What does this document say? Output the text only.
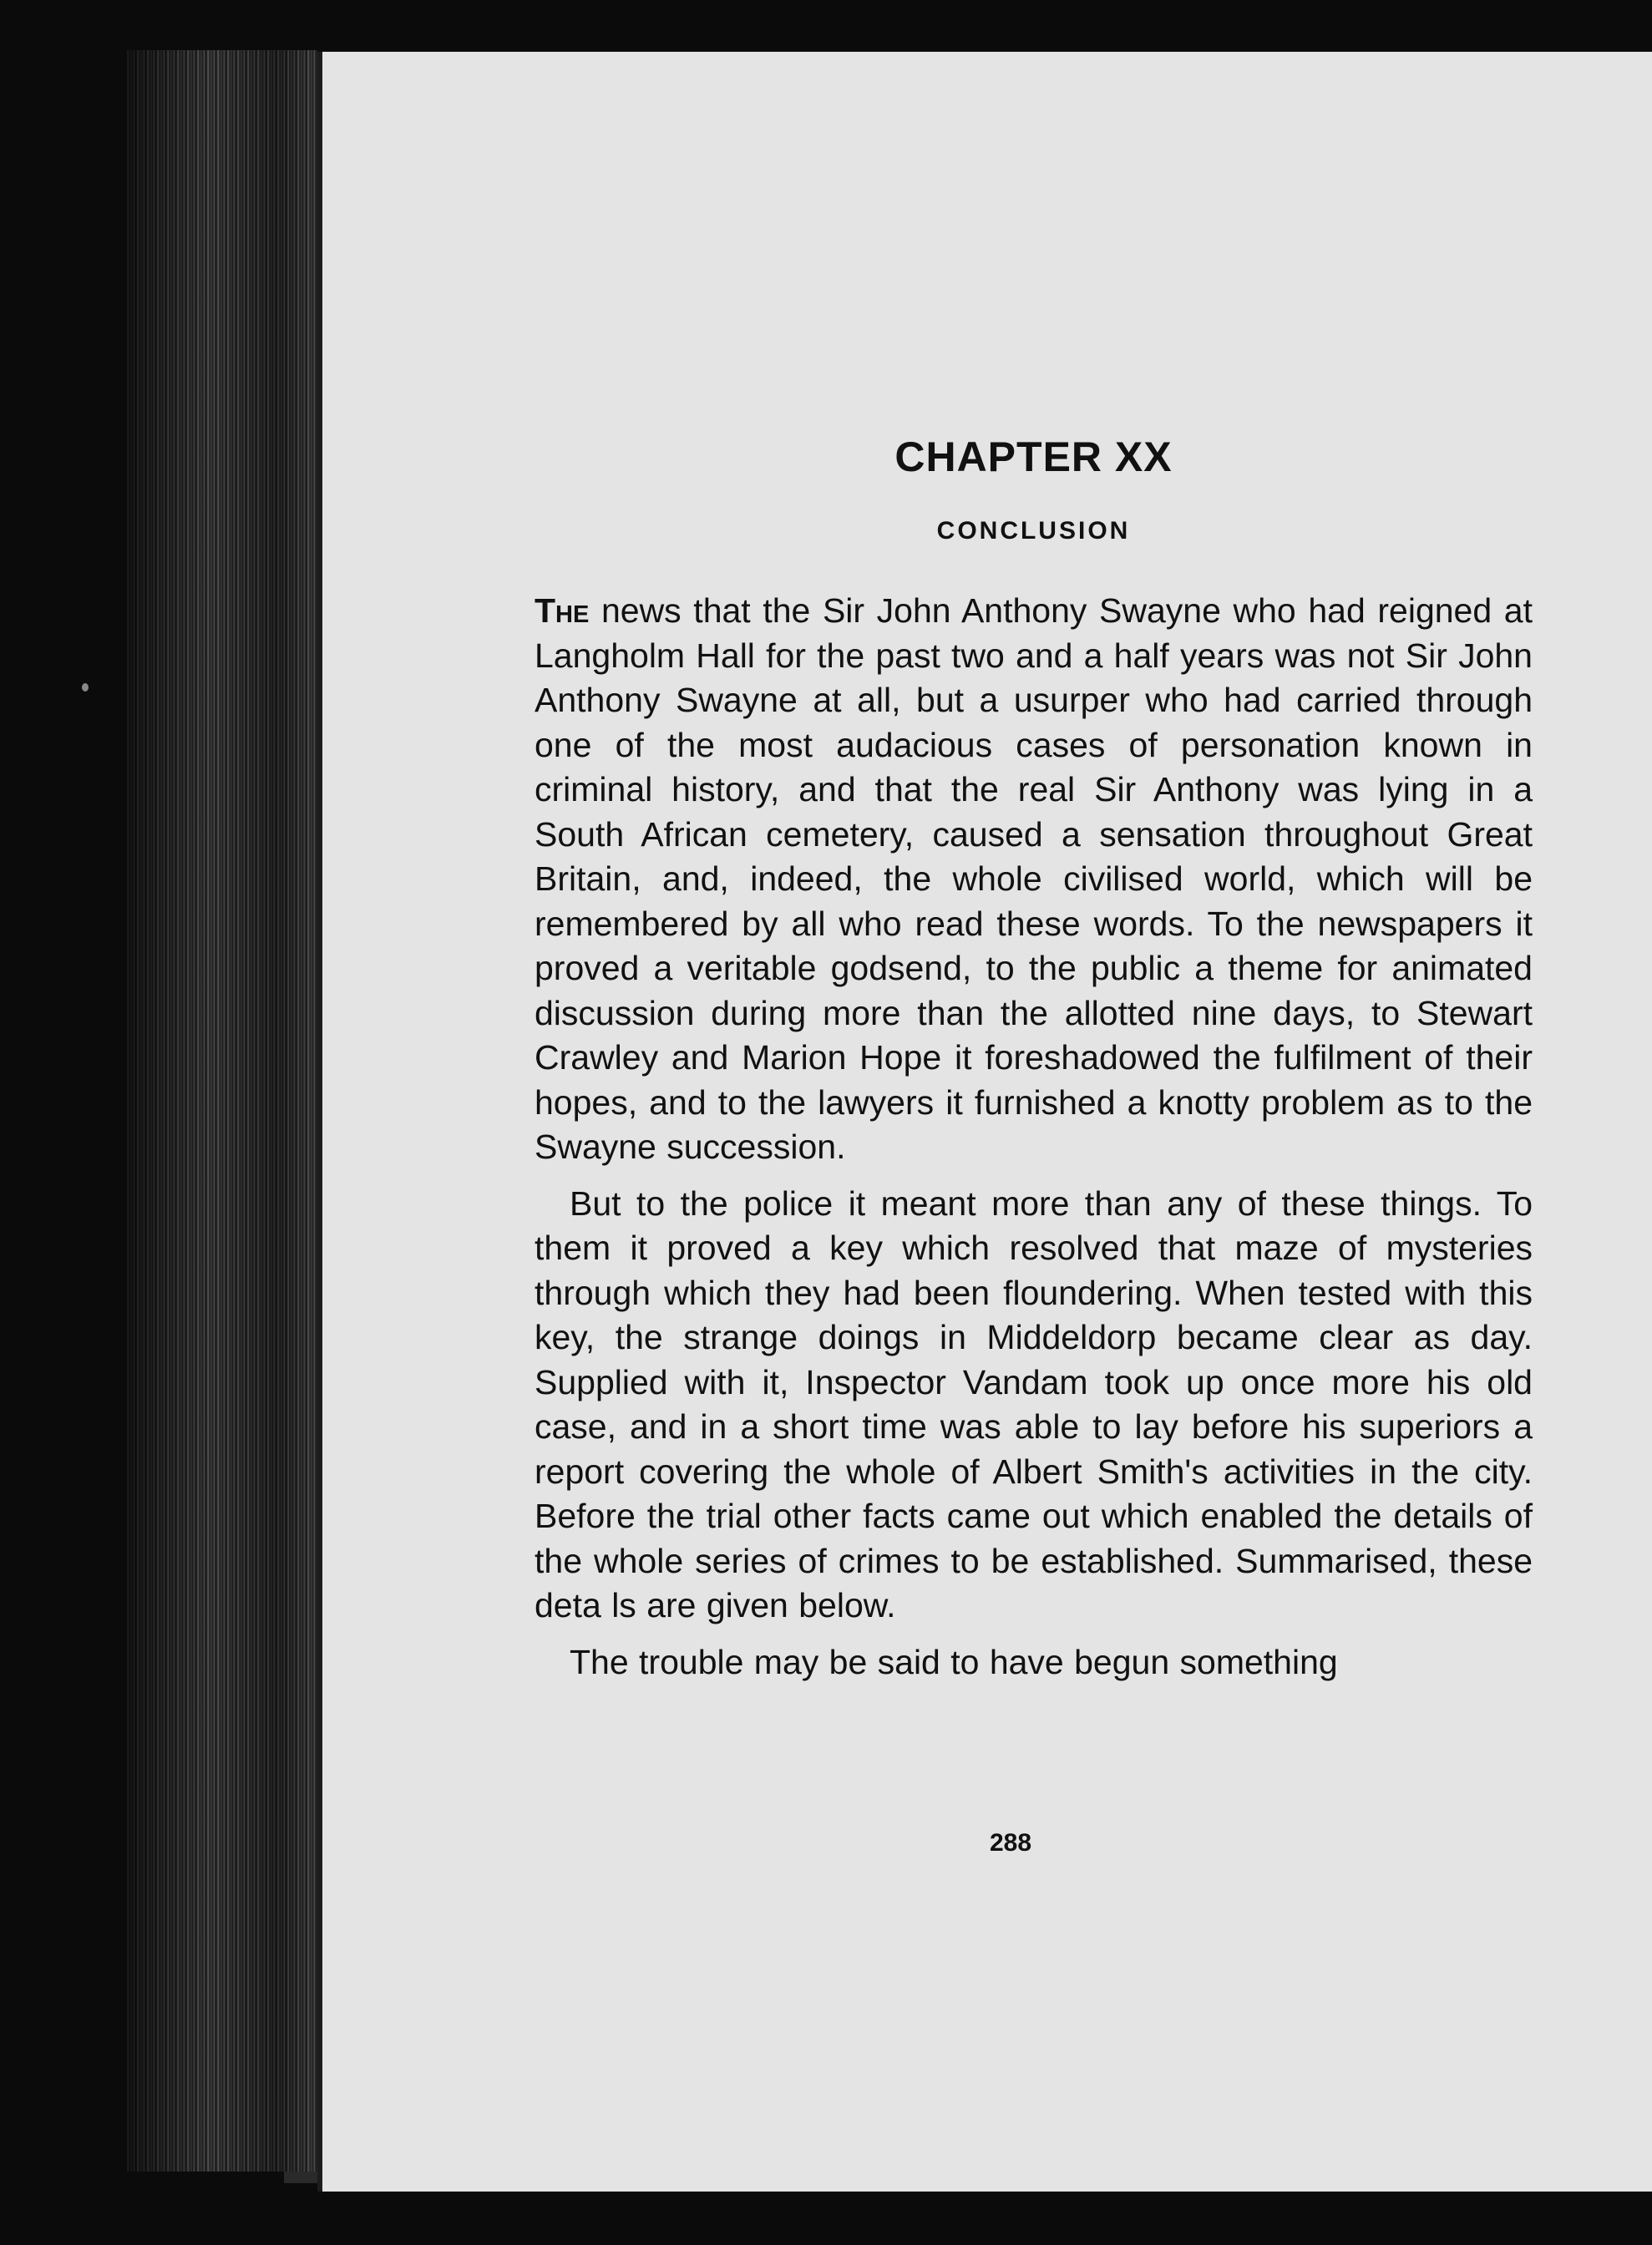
CHAPTER XX
CONCLUSION

The news that the Sir John Anthony Swayne who had reigned at Langholm Hall for the past two and a half years was not Sir John Anthony Swayne at all, but a usurper who had carried through one of the most audacious cases of personation known in criminal history, and that the real Sir Anthony was lying in a South African cemetery, caused a sensation throughout Great Britain, and, indeed, the whole civilised world, which will be remembered by all who read these words. To the newspapers it proved a veritable godsend, to the public a theme for animated discussion during more than the allotted nine days, to Stewart Crawley and Marion Hope it foreshadowed the fulfilment of their hopes, and to the lawyers it furnished a knotty problem as to the Swayne succession.

But to the police it meant more than any of these things. To them it proved a key which resolved that maze of mysteries through which they had been floundering. When tested with this key, the strange doings in Middeldorp became clear as day. Supplied with it, Inspector Vandam took up once more his old case, and in a short time was able to lay before his superiors a report covering the whole of Albert Smith's activities in the city. Before the trial other facts came out which enabled the details of the whole series of crimes to be established. Summarised, these deta ls are given below.

The trouble may be said to have begun something

288
